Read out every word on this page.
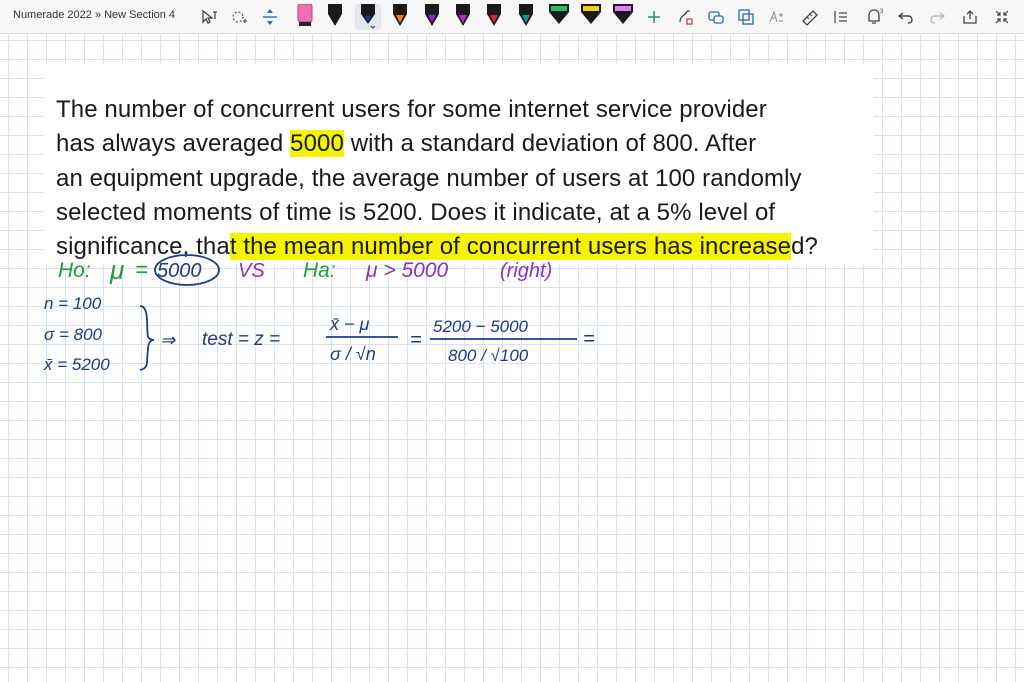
Numerade 2022 » New Section 4	3
The number of concurrent users for some internet service provider
has always averaged 5000 with a standard deviation of 800. After
an equipment upgrade, the average number of users at 100 randomly
selected moments of time is 5200. Does it indicate, at a 5% level of
significance, that the mean number of concurrent users has increased?
Ho: μ = 5000 VS Ha: μ > 5000	(right)
n = 100
σ = 800
x̄ = 5200
⇒ test = z =
x̄ − μ
σ / √n
=
5200 − 5000
800 / √100
=
